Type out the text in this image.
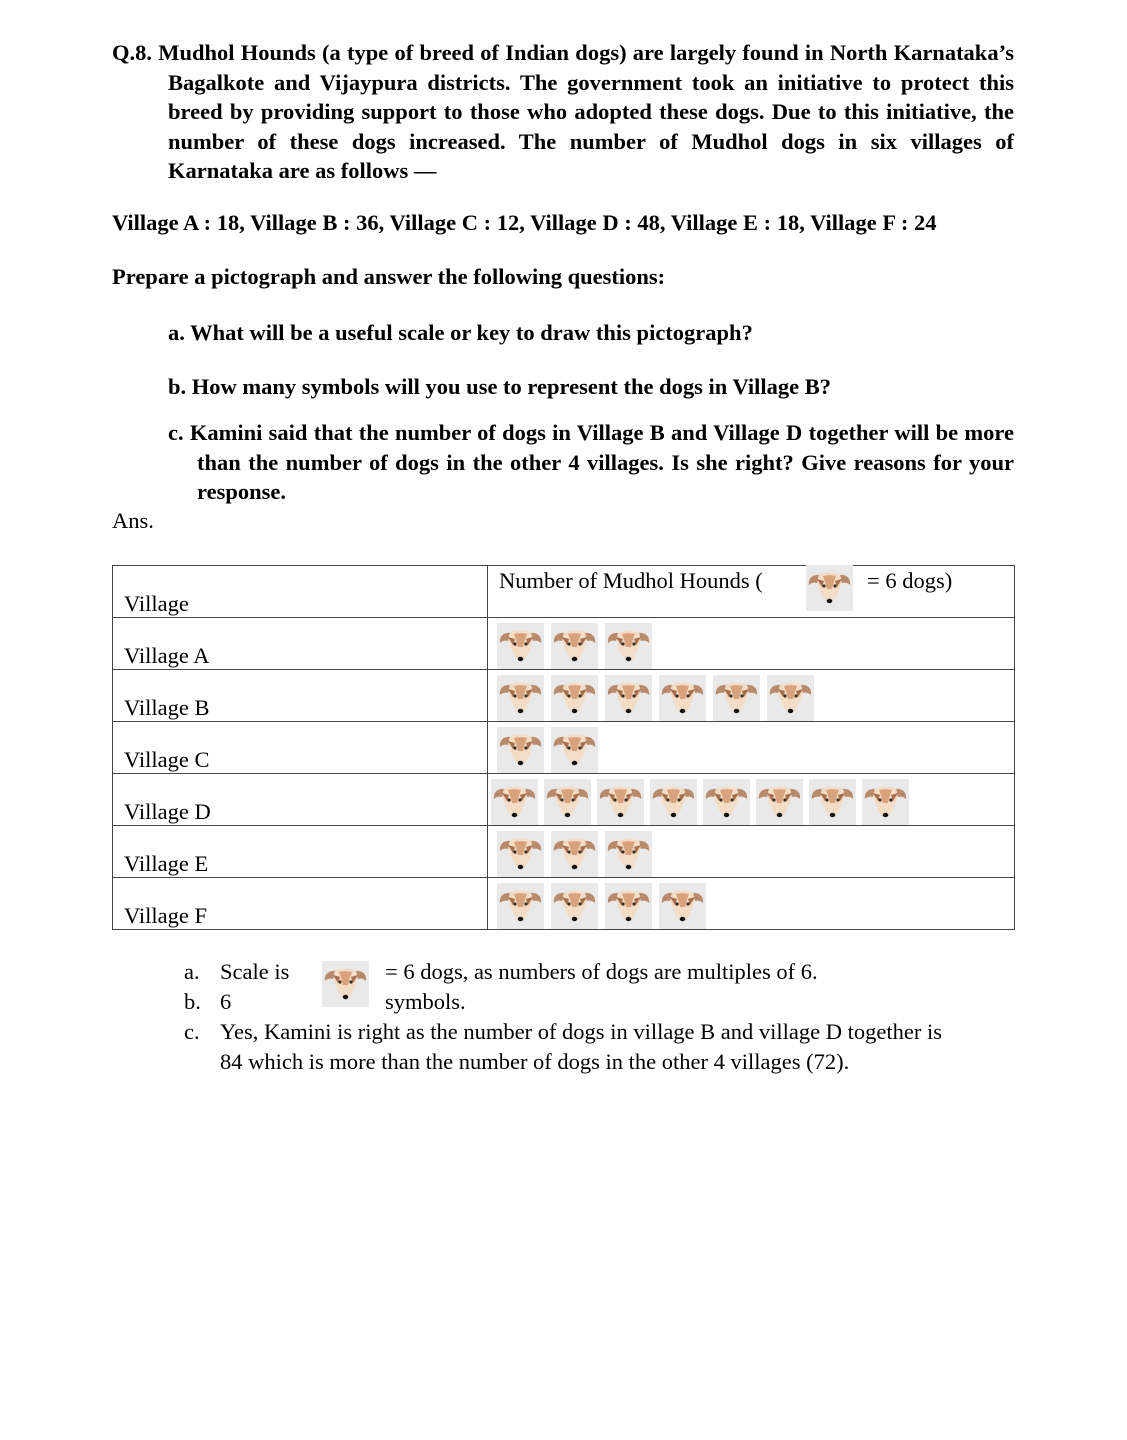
Q.8. Mudhol Hounds (a type of breed of Indian dogs) are largely found in North Karnataka’s Bagalkote and Vijaypura districts. The government took an initiative to protect this breed by providing support to those who adopted these dogs. Due to this initiative, the number of these dogs increased. The number of Mudhol dogs in six villages of Karnataka are as follows —

Village A : 18, Village B : 36, Village C : 12, Village D : 48, Village E : 18, Village F : 24
Prepare a pictograph and answer the following questions:
a. What will be a useful scale or key to draw this pictograph?
b. How many symbols will you use to represent the dogs in Village B?
c. Kamini said that the number of dogs in Village B and Village D together will be more than the number of dogs in the other 4 villages. Is she right? Give reasons for your response.
Ans.
Village	Number of Mudhol Hounds ( = 6 dogs)

Village A

Village B

Village C

Village D

Village E

Village F

a. Scale is	= 6 dogs, as numbers of dogs are multiples of 6.
b. 6	symbols.
c. Yes, Kamini is right as the number of dogs in village B and village D together is
84 which is more than the number of dogs in the other 4 villages (72).
